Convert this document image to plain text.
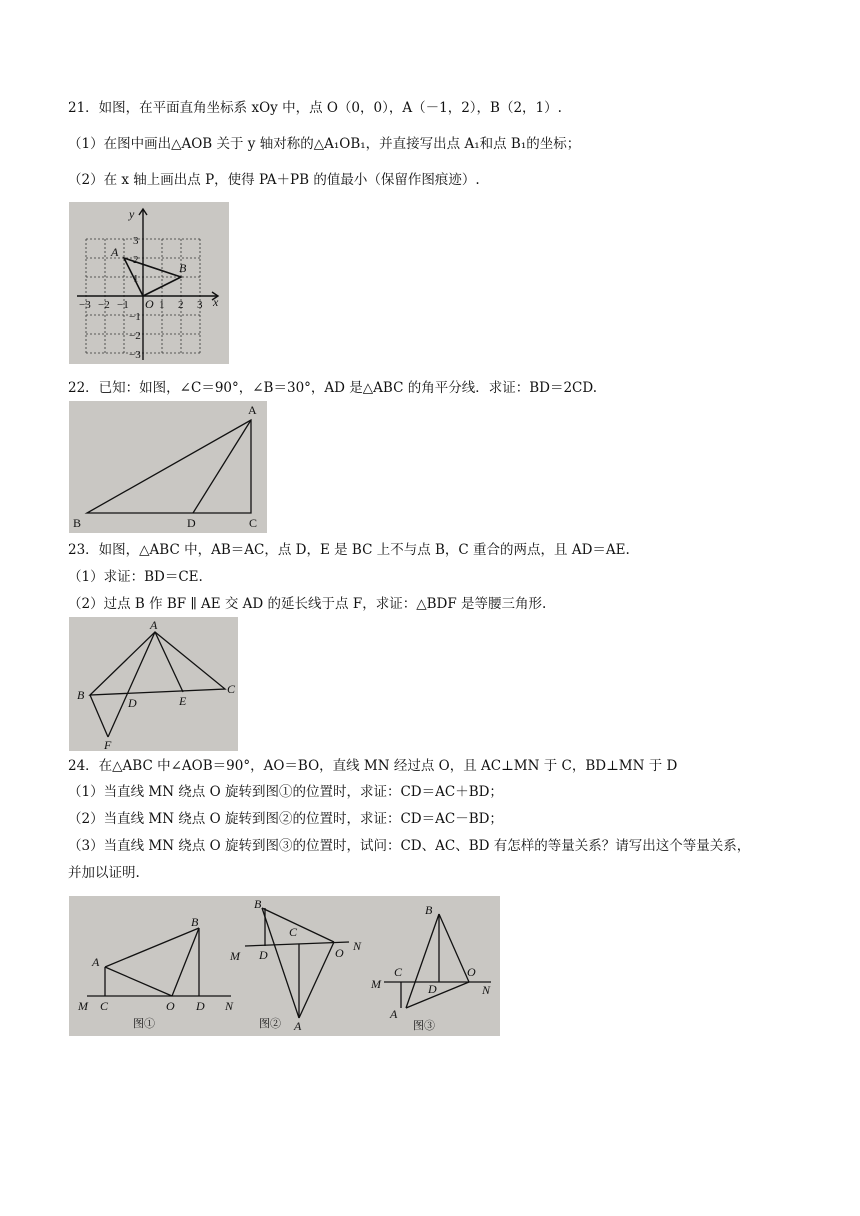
21．如图，在平面直角坐标系 xOy 中，点 O（0，0），A（－1，2），B（2，1）.
（1）在图中画出△AOB 关于 y 轴对称的△A₁OB₁，并直接写出点 A₁和点 B₁的坐标；
（2）在 x 轴上画出点 P，使得 PA＋PB 的值最小（保留作图痕迹）.
y
x
O
A
B
−3 −2 −1	1 2 3
3
2
1
−1
−2
−3
22．已知：如图，∠C＝90°，∠B＝30°，AD 是△ABC 的角平分线．求证：BD＝2CD.
A
B	C
D
23．如图，△ABC 中，AB＝AC，点 D，E 是 BC 上不与点 B，C 重合的两点，且 AD＝AE.
（1）求证：BD＝CE.
（2）过点 B 作 BF ∥ AE 交 AD 的延长线于点 F，求证：△BDF 是等腰三角形.
A
B	C
D	E
F
24．在△ABC 中∠AOB＝90°，AO＝BO，直线 MN 经过点 O，且 AC⊥MN 于 C，BD⊥MN 于 D
（1）当直线 MN 绕点 O 旋转到图①的位置时，求证：CD＝AC＋BD；
（2）当直线 MN 绕点 O 旋转到图②的位置时，求证：CD＝AC－BD；
（3）当直线 MN 绕点 O 旋转到图③的位置时，试问：CD、AC、BD 有怎样的等量关系？请写出这个等量关系，
并加以证明.
A
B
C	D
O
M	N
图①
B
C
D	O
M
N
A
图②
B
C
D
O
M	N
A
图③
